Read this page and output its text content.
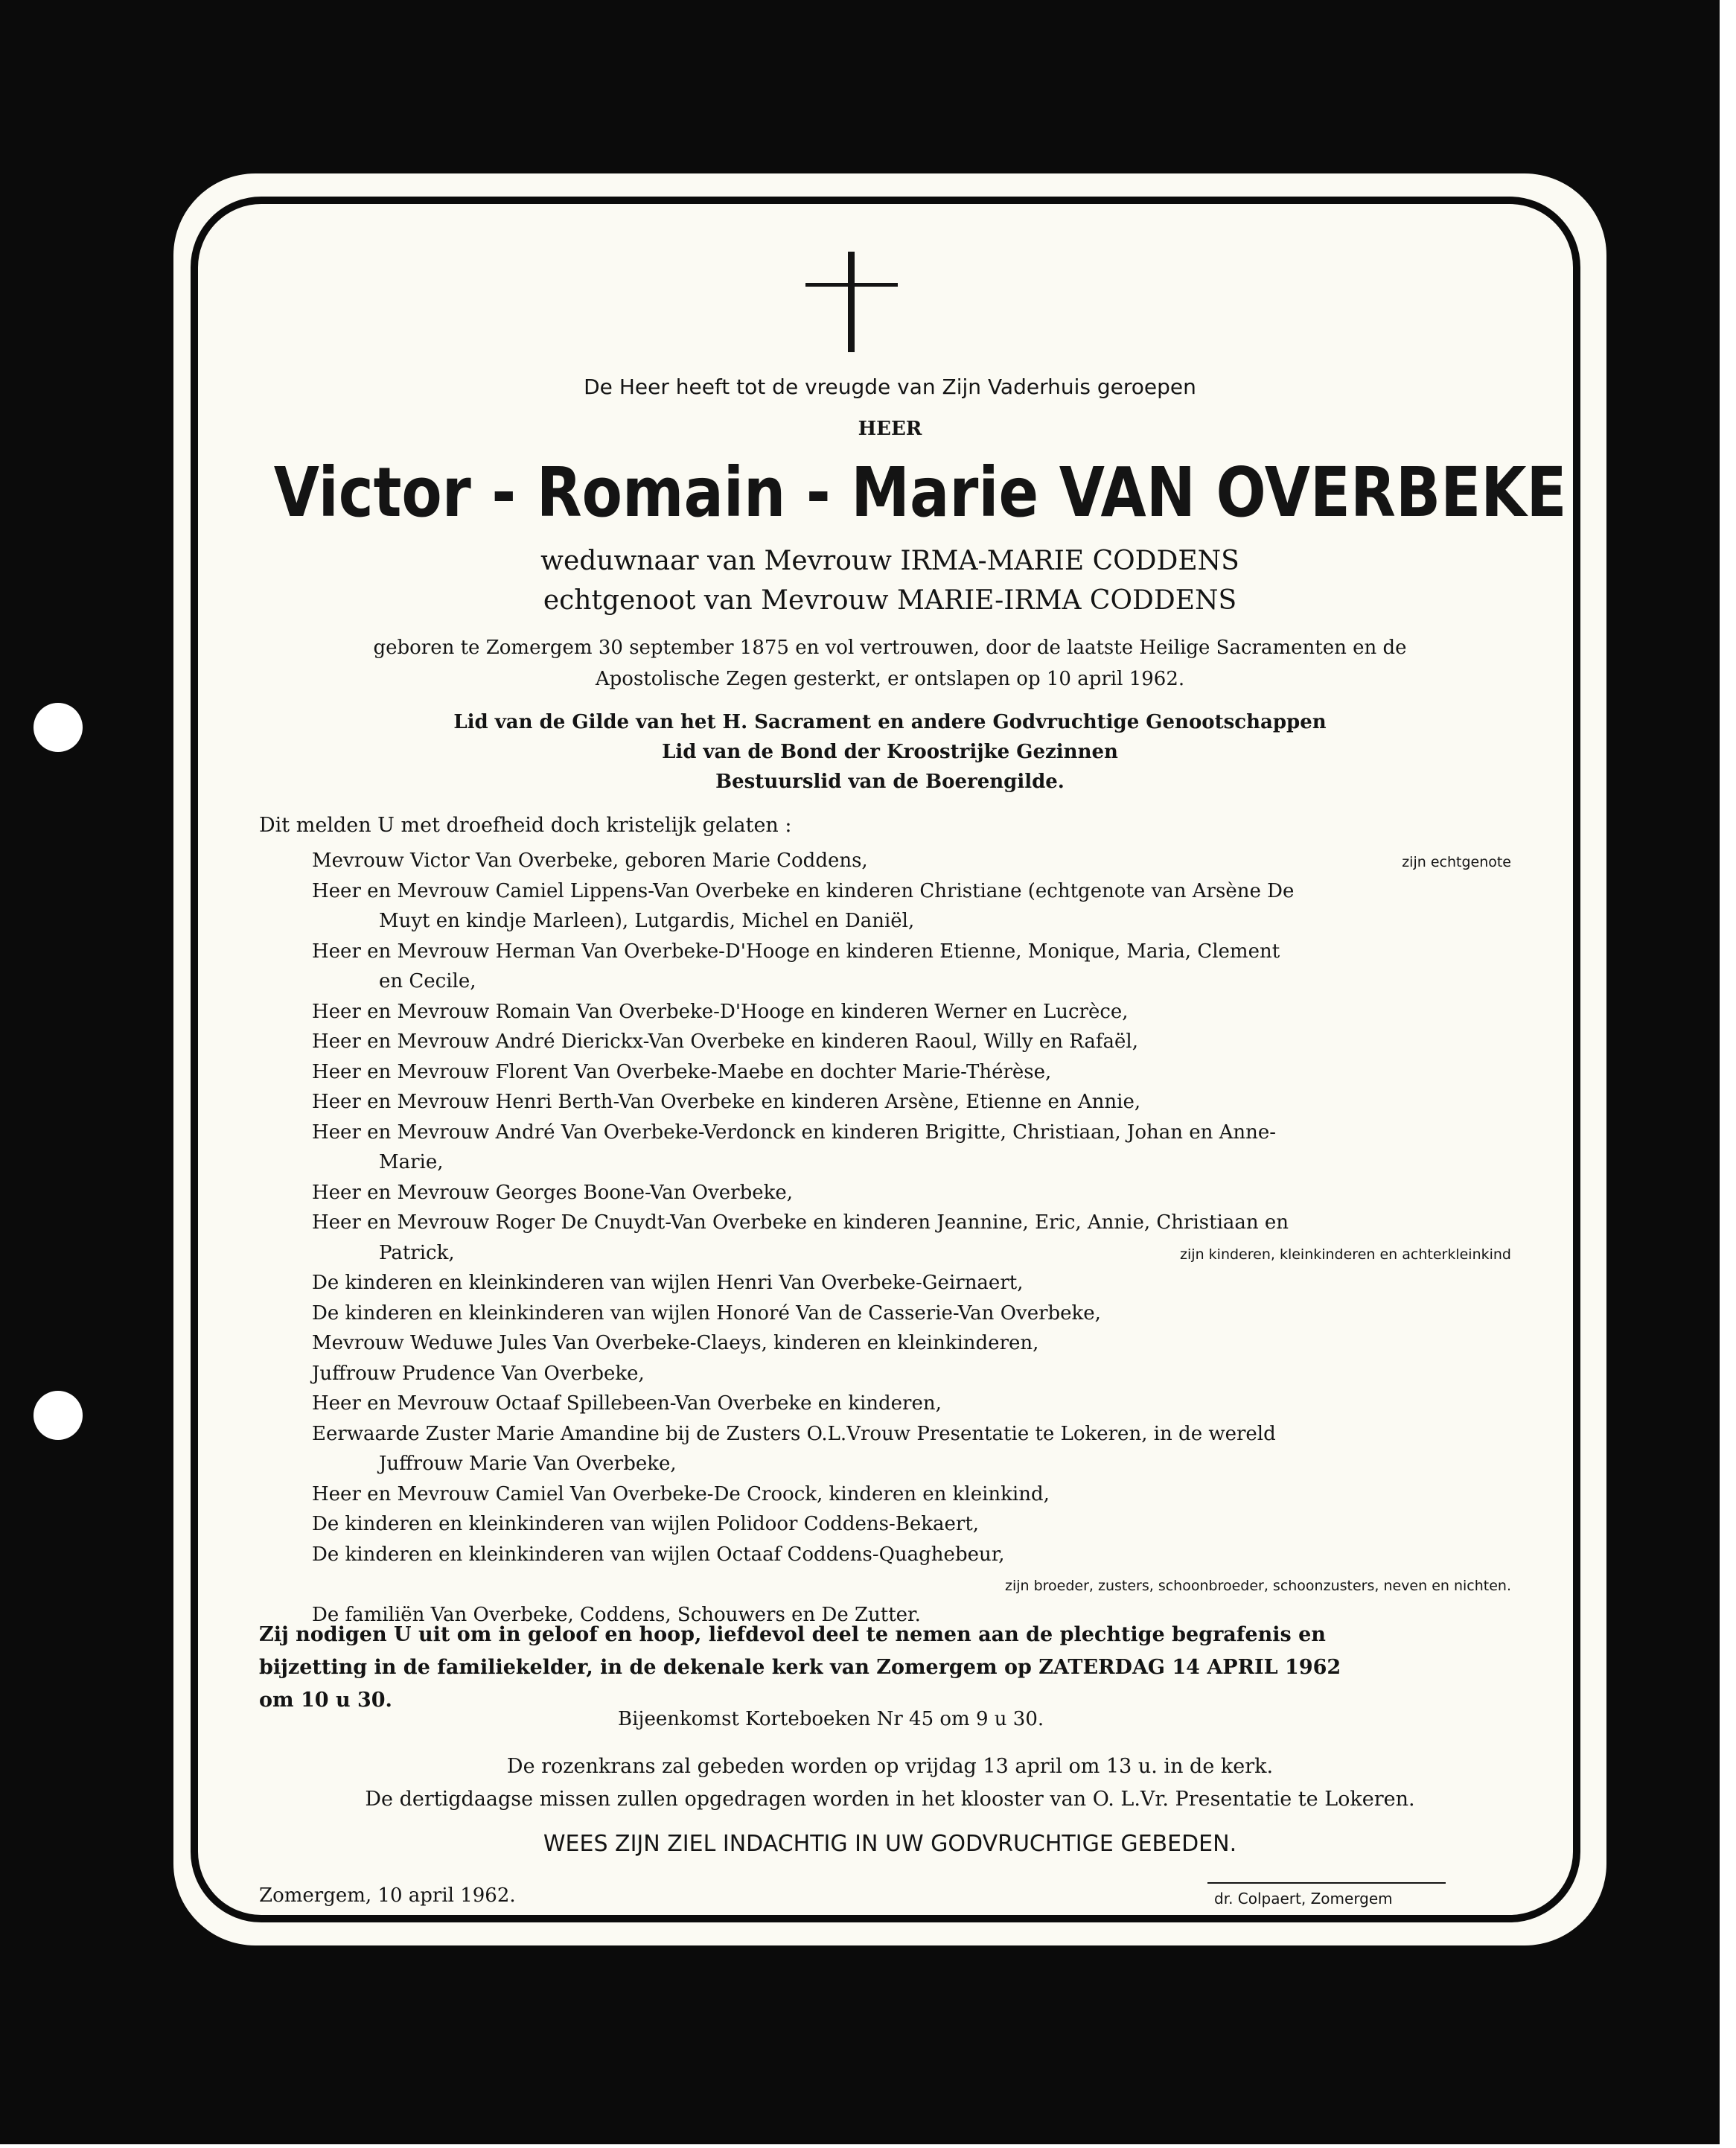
De Heer heeft tot de vreugde van Zijn Vaderhuis geroepen
HEER
Victor - Romain - Marie VAN OVERBEKE
weduwnaar van Mevrouw IRMA-MARIE CODDENS
echtgenoot van Mevrouw MARIE-IRMA CODDENS
geboren te Zomergem 30 september 1875 en vol vertrouwen, door de laatste Heilige Sacramenten en de
Apostolische Zegen gesterkt, er ontslapen op 10 april 1962.
Lid van de Gilde van het H. Sacrament en andere Godvruchtige Genootschappen
Lid van de Bond der Kroostrijke Gezinnen
Bestuurslid van de Boerengilde.
Dit melden U met droefheid doch kristelijk gelaten :
Mevrouw Victor Van Overbeke, geboren Marie Coddens,	zijn echtgenote
Heer en Mevrouw Camiel Lippens-Van Overbeke en kinderen Christiane (echtgenote van Arsène De
Muyt en kindje Marleen), Lutgardis, Michel en Daniël,
Heer en Mevrouw Herman Van Overbeke-D'Hooge en kinderen Etienne, Monique, Maria, Clement
en Cecile,
Heer en Mevrouw Romain Van Overbeke-D'Hooge en kinderen Werner en Lucrèce,
Heer en Mevrouw André Dierickx-Van Overbeke en kinderen Raoul, Willy en Rafaël,
Heer en Mevrouw Florent Van Overbeke-Maebe en dochter Marie-Thérèse,
Heer en Mevrouw Henri Berth-Van Overbeke en kinderen Arsène, Etienne en Annie,
Heer en Mevrouw André Van Overbeke-Verdonck en kinderen Brigitte, Christiaan, Johan en Anne-
Marie,
Heer en Mevrouw Georges Boone-Van Overbeke,
Heer en Mevrouw Roger De Cnuydt-Van Overbeke en kinderen Jeannine, Eric, Annie, Christiaan en
Patrick,	zijn kinderen, kleinkinderen en achterkleinkind
De kinderen en kleinkinderen van wijlen Henri Van Overbeke-Geirnaert,
De kinderen en kleinkinderen van wijlen Honoré Van de Casserie-Van Overbeke,
Mevrouw Weduwe Jules Van Overbeke-Claeys, kinderen en kleinkinderen,
Juffrouw Prudence Van Overbeke,
Heer en Mevrouw Octaaf Spillebeen-Van Overbeke en kinderen,
Eerwaarde Zuster Marie Amandine bij de Zusters O.L.Vrouw Presentatie te Lokeren, in de wereld
Juffrouw Marie Van Overbeke,
Heer en Mevrouw Camiel Van Overbeke-De Croock, kinderen en kleinkind,
De kinderen en kleinkinderen van wijlen Polidoor Coddens-Bekaert,
De kinderen en kleinkinderen van wijlen Octaaf Coddens-Quaghebeur,
zijn broeder, zusters, schoonbroeder, schoonzusters, neven en nichten.
De familiën Van Overbeke, Coddens, Schouwers en De Zutter.
Zij nodigen U uit om in geloof en hoop, liefdevol deel te nemen aan de plechtige begrafenis en
bijzetting in de familiekelder, in de dekenale kerk van Zomergem op ZATERDAG 14 APRIL 1962
om 10 u 30.
Bijeenkomst Korteboeken Nr 45 om 9 u 30.
De rozenkrans zal gebeden worden op vrijdag 13 april om 13 u. in de kerk.
De dertigdaagse missen zullen opgedragen worden in het klooster van O. L.Vr. Presentatie te Lokeren.
WEES ZIJN ZIEL INDACHTIG IN UW GODVRUCHTIGE GEBEDEN.
Zomergem, 10 april 1962.	dr. Colpaert, Zomergem
